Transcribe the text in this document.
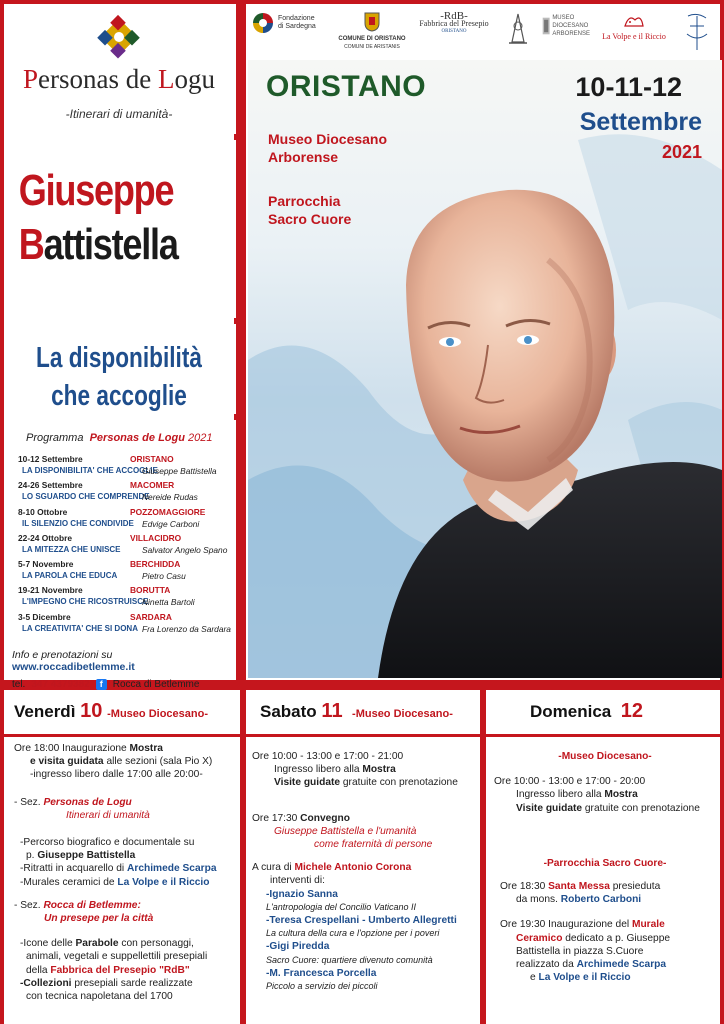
Personas de Logu
-Itinerari di umanità-
Giuseppe
Battistella
La disponibilità
che accoglie
Programma Personas de Logu 2021
10-12 Settembre	ORISTANO
LA DISPONIBILITA' CHE ACCOGLIE
Giuseppe Battistella
24-26 Settembre	MACOMER
LO SGUARDO CHE COMPRENDE
Nereide Rudas
8-10 Ottobre	POZZOMAGGIORE
IL SILENZIO CHE CONDIVIDE Edvige Carboni
22-24 Ottobre	VILLACIDRO
LA MITEZZA CHE UNISCE	Salvator Angelo Spano
5-7 Novembre	BERCHIDDA
LA PAROLA CHE EDUCA	Pietro Casu
19-21 Novembre	BORUTTA
L'IMPEGNO CHE RICOSTRUISCE
Ninetta Bartoli
3-5 Dicembre	SARDARA
LA CREATIVITA' CHE SI DONA Fra Lorenzo da Sardara
Info e prenotazioni su www.roccadibetlemme.it
tel. 347 4379382	f	Rocca di Betlemme
Fondazione
di Sardegna
COMUNE DI ORISTANO
COMUNI DE ARISTANIS
-RdB-
Fabbrica del Presepio
ORISTANO
MUSEO
DIOCESANO
ARBORENSE	La Volpe e il Riccio
ORISTANO	10-11-12
Settembre
2021
Museo Diocesano
Arborense
Parrocchia
Sacro Cuore
Venerdì 10 -Museo Diocesano-
Ore 18:00 Inaugurazione Mostra
e visita guidata alle sezioni (sala Pio X)
-ingresso libero dalle 17:00 alle 20:00-
- Sez. Personas de Logu
Itinerari di umanità
-Percorso biografico e documentale su
p. Giuseppe Battistella
-Ritratti in acquarello di Archimede Scarpa
-Murales ceramici de La Volpe e il Riccio
- Sez. Rocca di Betlemme:
Un presepe per la città
-Icone delle Parabole con personaggi,
animali, vegetali e suppellettili presepiali
della Fabbrica del Presepio "RdB"
-Collezioni presepiali sarde realizzate
con tecnica napoletana del 1700
Sabato 11 -Museo Diocesano-
Ore 10:00 - 13:00 e 17:00 - 21:00
Ingresso libero alla Mostra
Visite guidate gratuite con prenotazione
Ore 17:30 Convegno
Giuseppe Battistella e l'umanità
come fraternità di persone
A cura di Michele Antonio Corona
interventi di:
-Ignazio Sanna
L'antropologia del Concilio Vaticano II
-Teresa Crespellani - Umberto Allegretti
La cultura della cura e l'opzione per i poveri
-Gigi Piredda
Sacro Cuore: quartiere divenuto comunità
-M. Francesca Porcella
Piccolo a servizio dei piccoli
Domenica 12
-Museo Diocesano-
Ore 10:00 - 13:00 e 17:00 - 20:00
Ingresso libero alla Mostra
Visite guidate gratuite con prenotazione
-Parrocchia Sacro Cuore-
Ore 18:30 Santa Messa presieduta
da mons. Roberto Carboni
Ore 19:30 Inaugurazione del Murale
Ceramico dedicato a p. Giuseppe
Battistella in piazza S.Cuore
realizzato da Archimede Scarpa
e La Volpe e il Riccio
